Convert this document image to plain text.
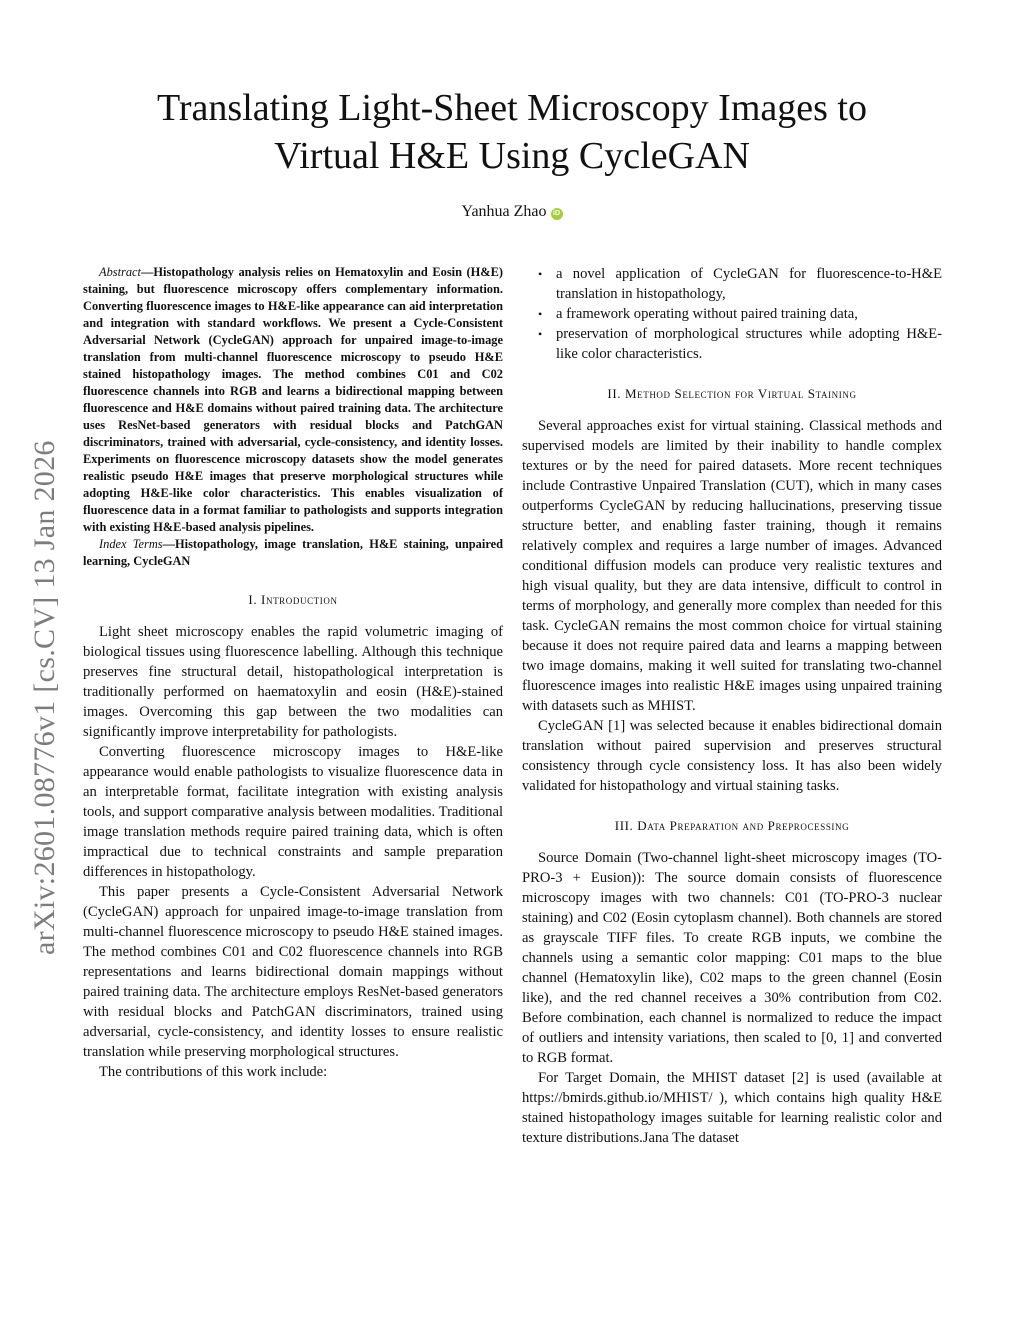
arXiv:2601.08776v1 [cs.CV] 13 Jan 2026
Translating Light-Sheet Microscopy Images to
Virtual H&E Using CycleGAN
Yanhua Zhao iD

Abstract—Histopathology analysis relies on Hematoxylin and Eosin (H&E) staining, but fluorescence microscopy offers complementary information. Converting fluorescence images to H&E-like appearance can aid interpretation and integration with standard workflows. We present a Cycle-Consistent Adversarial Network (CycleGAN) approach for unpaired image-to-image translation from multi-channel fluorescence microscopy to pseudo H&E stained histopathology images. The method combines C01 and C02 fluorescence channels into RGB and learns a bidirectional mapping between fluorescence and H&E domains without paired training data. The architecture uses ResNet-based generators with residual blocks and PatchGAN discriminators, trained with adversarial, cycle-consistency, and identity losses. Experiments on fluorescence microscopy datasets show the model generates realistic pseudo H&E images that preserve morphological structures while adopting H&E-like color characteristics. This enables visualization of fluorescence data in a format familiar to pathologists and supports integration with existing H&E-based analysis pipelines.

Index Terms—Histopathology, image translation, H&E staining, unpaired learning, CycleGAN

I. Introduction

Light sheet microscopy enables the rapid volumetric imaging of biological tissues using fluorescence labelling. Although this technique preserves fine structural detail, histopathological interpretation is traditionally performed on haematoxylin and eosin (H&E)-stained images. Overcoming this gap between the two modalities can significantly improve interpretability for pathologists.

Converting fluorescence microscopy images to H&E-like appearance would enable pathologists to visualize fluorescence data in an interpretable format, facilitate integration with existing analysis tools, and support comparative analysis between modalities. Traditional image translation methods require paired training data, which is often impractical due to technical constraints and sample preparation differences in histopathology.

This paper presents a Cycle-Consistent Adversarial Network (CycleGAN) approach for unpaired image-to-image translation from multi-channel fluorescence microscopy to pseudo H&E stained images. The method combines C01 and C02 fluorescence channels into RGB representations and learns bidirectional domain mappings without paired training data. The architecture employs ResNet-based generators with residual blocks and PatchGAN discriminators, trained using adversarial, cycle-consistency, and identity losses to ensure realistic translation while preserving morphological structures.

The contributions of this work include:

• a novel application of CycleGAN for fluorescence-to-H&E translation in histopathology,
• a framework operating without paired training data,
• preservation of morphological structures while adopting H&E-like color characteristics.
II. Method Selection for Virtual Staining

Several approaches exist for virtual staining. Classical methods and supervised models are limited by their inability to handle complex textures or by the need for paired datasets. More recent techniques include Contrastive Unpaired Translation (CUT), which in many cases outperforms CycleGAN by reducing hallucinations, preserving tissue structure better, and enabling faster training, though it remains relatively complex and requires a large number of images. Advanced conditional diffusion models can produce very realistic textures and high visual quality, but they are data intensive, difficult to control in terms of morphology, and generally more complex than needed for this task. CycleGAN remains the most common choice for virtual staining because it does not require paired data and learns a mapping between two image domains, making it well suited for translating two-channel fluorescence images into realistic H&E images using unpaired training with datasets such as MHIST.

CycleGAN [1] was selected because it enables bidirectional domain translation without paired supervision and preserves structural consistency through cycle consistency loss. It has also been widely validated for histopathology and virtual staining tasks.

III. Data Preparation and Preprocessing

Source Domain (Two-channel light-sheet microscopy images (TO-PRO-3 + Eusion)): The source domain consists of fluorescence microscopy images with two channels: C01 (TO-PRO-3 nuclear staining) and C02 (Eosin cytoplasm channel). Both channels are stored as grayscale TIFF files. To create RGB inputs, we combine the channels using a semantic color mapping: C01 maps to the blue channel (Hematoxylin like), C02 maps to the green channel (Eosin like), and the red channel receives a 30% contribution from C02. Before combination, each channel is normalized to reduce the impact of outliers and intensity variations, then scaled to [0, 1] and converted to RGB format.

For Target Domain, the MHIST dataset [2] is used (available at https://bmirds.github.io/MHIST/ ), which contains high quality H&E stained histopathology images suitable for learning realistic color and texture distributions.Jana The dataset
